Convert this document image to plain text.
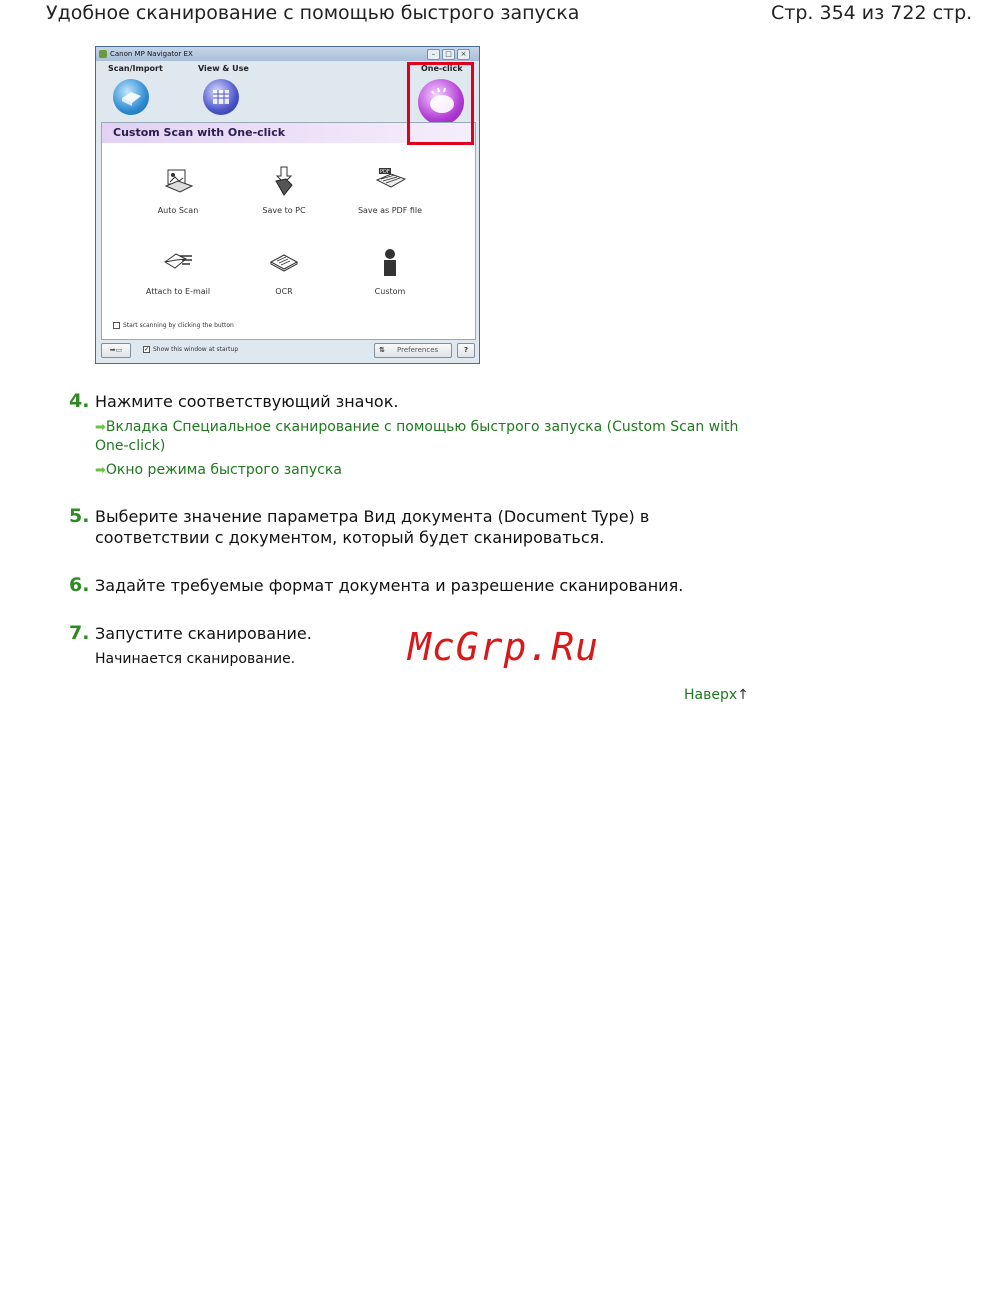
Удобное сканирование с помощью быстрого запуска	Стр. 354 из 722 стр.
Canon MP Navigator EX	–	□	×
Scan/Import	View & Use	One-click
Custom Scan with One-click
Auto Scan	Save to PC
PDF
Save as PDF file
Attach to E-mail	OCR	Custom
Start scanning by clicking the button
➡▭	✓ Show this window at startup	⇅ Preferences	?
4. Нажмите соответствующий значок.
➡Вкладка Специальное сканирование с помощью быстрого запуска (Custom Scan with One-click)
➡Окно режима быстрого запуска
5. Выберите значение параметра Вид документа (Document Type) в соответствии с документом, который будет сканироваться.
6. Задайте требуемые формат документа и разрешение сканирования.
7. Запустите сканирование.
Начинается сканирование.	McGrp.Ru
Наверх↑
